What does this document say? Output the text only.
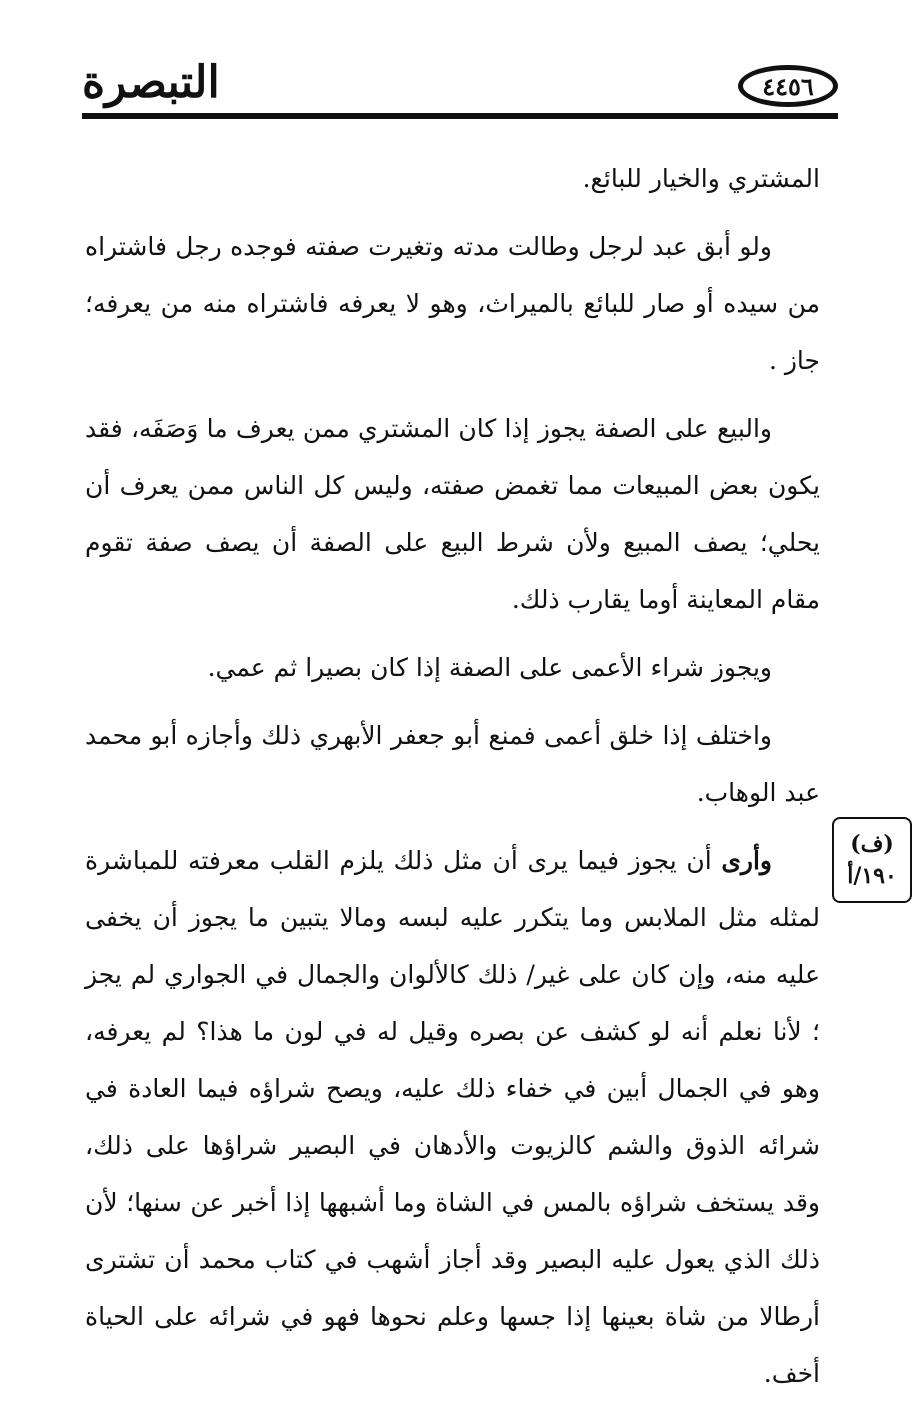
التبصرة	٤٤٥٦

المشتري والخيار للبائع.

ولو أبق عبد لرجل وطالت مدته وتغيرت صفته فوجده رجل فاشتراه من سيده أو صار للبائع بالميراث، وهو لا يعرفه فاشتراه منه من يعرفه؛ جاز .

والبيع على الصفة يجوز إذا كان المشتري ممن يعرف ما وَصَفَه، فقد يكون بعض المبيعات مما تغمض صفته، وليس كل الناس ممن يعرف أن يحلي؛ يصف المبيع ولأن شرط البيع على الصفة أن يصف صفة تقوم مقام المعاينة أوما يقارب ذلك.

ويجوز شراء الأعمى على الصفة إذا كان بصيرا ثم عمي.

واختلف إذا خلق أعمى فمنع أبو جعفر الأبهري ذلك وأجازه أبو محمد عبد الوهاب.

وأرى أن يجوز فيما يرى أن مثل ذلك يلزم القلب معرفته للمباشرة لمثله مثل الملابس وما يتكرر عليه لبسه ومالا يتبين ما يجوز أن يخفى عليه منه، وإن كان على غير/ ذلك كالألوان والجمال في الجواري لم يجز ؛ لأنا نعلم أنه لو كشف عن بصره وقيل له في لون ما هذا؟ لم يعرفه، وهو في الجمال أبين في خفاء ذلك عليه، ويصح شراؤه فيما العادة في شرائه الذوق والشم كالزيوت والأدهان في البصير شراؤها على ذلك، وقد يستخف شراؤه بالمس في الشاة وما أشبهها إذا أخبر عن سنها؛ لأن ذلك الذي يعول عليه البصير وقد أجاز أشهب في كتاب محمد أن تشترى أرطالا من شاة بعينها إذا جسها وعلم نحوها فهو في شرائه على الحياة أخف.

(ف)
١٩٠/أ
